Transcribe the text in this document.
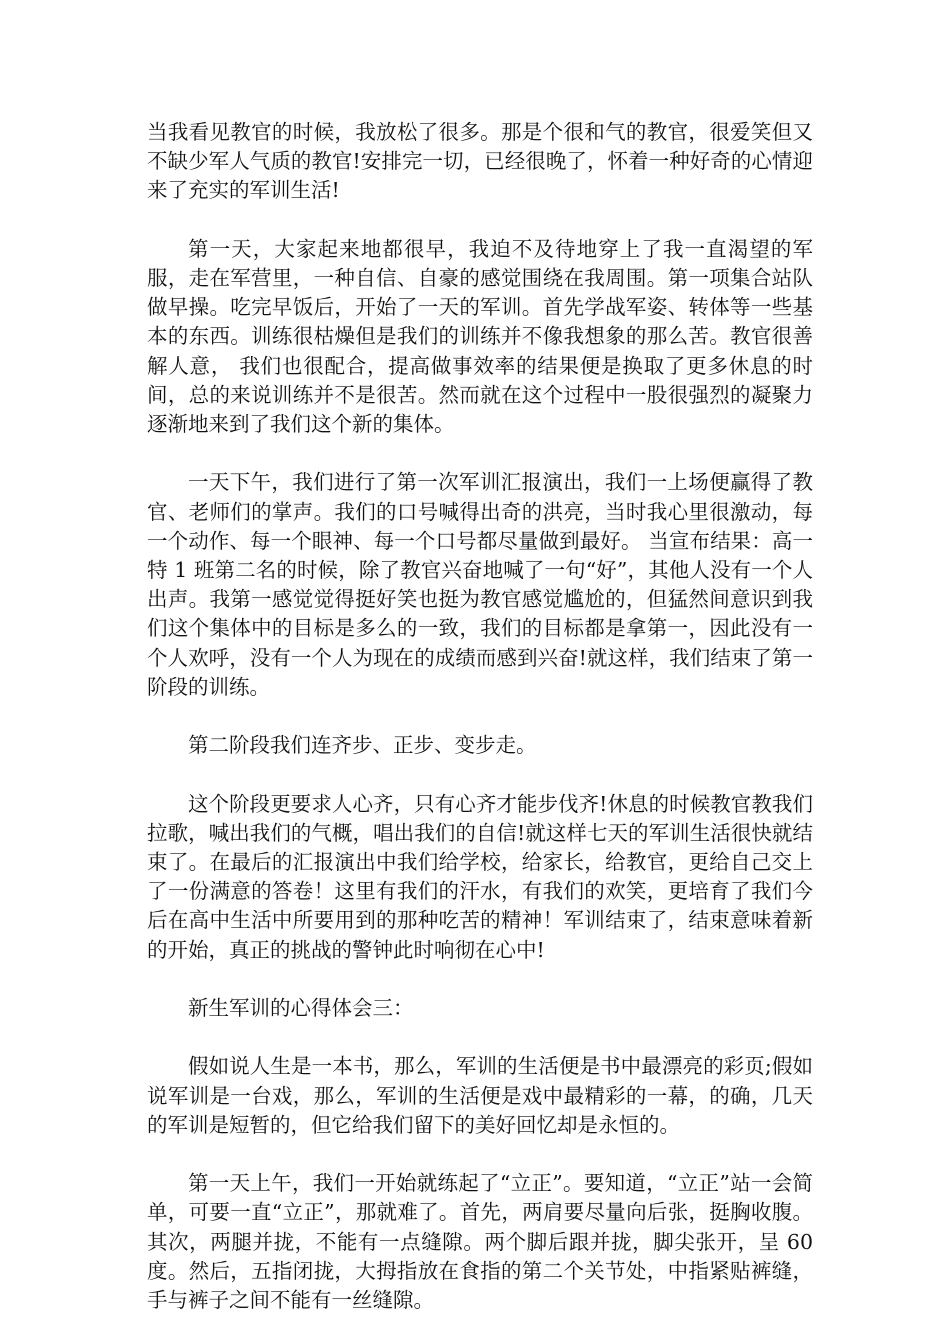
当我看见教官的时候，我放松了很多。那是个很和气的教官，很爱笑但又不缺少军人气质的教官!安排完一切，已经很晚了，怀着一种好奇的心情迎来了充实的军训生活!

第一天，大家起来地都很早，我迫不及待地穿上了我一直渴望的军服，走在军营里，一种自信、自豪的感觉围绕在我周围。第一项集合站队做早操。吃完早饭后，开始了一天的军训。首先学战军姿、转体等一些基本的东西。训练很枯燥但是我们的训练并不像我想象的那么苦。教官很善解人意， 我们也很配合，提高做事效率的结果便是换取了更多休息的时间，总的来说训练并不是很苦。然而就在这个过程中一股很强烈的凝聚力逐渐地来到了我们这个新的集体。

一天下午，我们进行了第一次军训汇报演出，我们一上场便赢得了教官、老师们的掌声。我们的口号喊得出奇的洪亮，当时我心里很激动，每一个动作、每一个眼神、每一个口号都尽量做到最好。 当宣布结果：高一特 1 班第二名的时候，除了教官兴奋地喊了一句“好”，其他人没有一个人出声。我第一感觉觉得挺好笑也挺为教官感觉尴尬的，但猛然间意识到我们这个集体中的目标是多么的一致，我们的目标都是拿第一，因此没有一个人欢呼，没有一个人为现在的成绩而感到兴奋!就这样，我们结束了第一阶段的训练。

第二阶段我们连齐步、正步、变步走。

这个阶段更要求人心齐，只有心齐才能步伐齐!休息的时候教官教我们拉歌，喊出我们的气概，唱出我们的自信!就这样七天的军训生活很快就结束了。在最后的汇报演出中我们给学校，给家长，给教官，更给自己交上了一份满意的答卷！这里有我们的汗水，有我们的欢笑，更培育了我们今后在高中生活中所要用到的那种吃苦的精神！军训结束了，结束意味着新的开始，真正的挑战的警钟此时响彻在心中!

新生军训的心得体会三：

假如说人生是一本书，那么，军训的生活便是书中最漂亮的彩页;假如说军训是一台戏，那么，军训的生活便是戏中最精彩的一幕，的确，几天的军训是短暂的，但它给我们留下的美好回忆却是永恒的。

第一天上午，我们一开始就练起了“立正”。要知道，“立正”站一会简单，可要一直“立正”，那就难了。首先，两肩要尽量向后张，挺胸收腹。其次，两腿并拢，不能有一点缝隙。两个脚后跟并拢，脚尖张开，呈 60 度。然后，五指闭拢，大拇指放在食指的第二个关节处，中指紧贴裤缝，手与裤子之间不能有一丝缝隙。
